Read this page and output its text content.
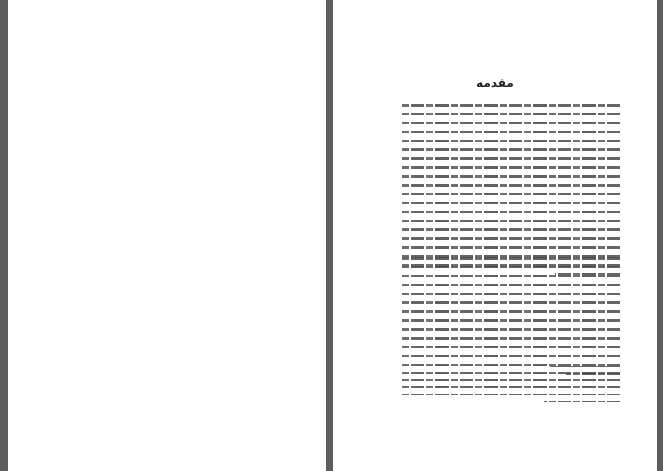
مقدمه
